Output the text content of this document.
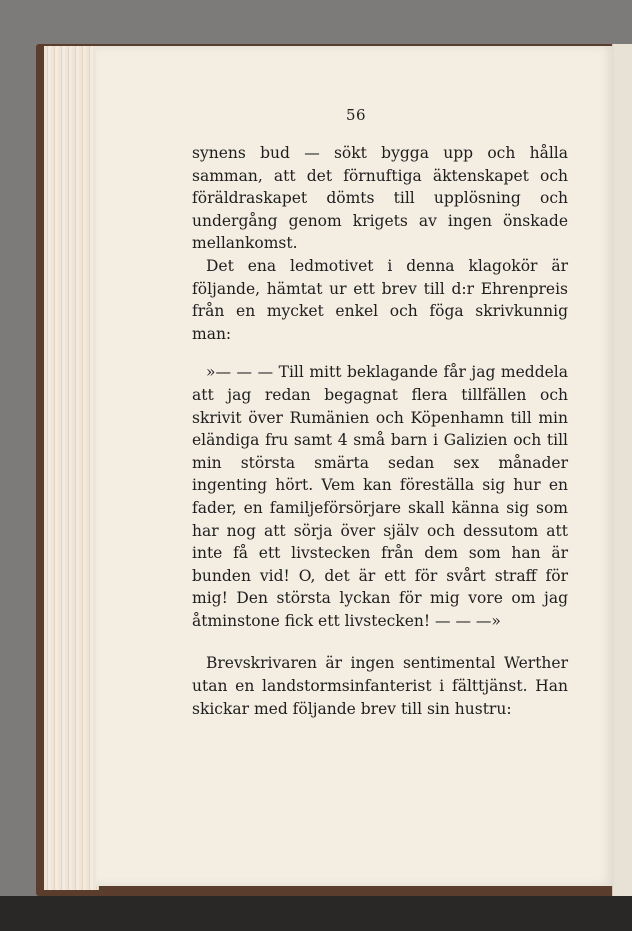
56

synens bud — sökt bygga upp och hålla samman, att det förnuftiga äktenskapet och föräldraskapet dömts till upplösning och undergång genom krigets av ingen önskade mellankomst.

Det ena ledmotivet i denna klagokör är följande, hämtat ur ett brev till d:r Ehrenpreis från en mycket enkel och föga skrivkunnig man:

»— — — Till mitt beklagande får jag meddela att jag redan begagnat flera tillfällen och skrivit över Rumänien och Köpenhamn till min eländiga fru samt 4 små barn i Galizien och till min största smärta sedan sex månader ingenting hört. Vem kan föreställa sig hur en fader, en familjeförsörjare skall känna sig som har nog att sörja över själv och dessutom att inte få ett livstecken från dem som han är bunden vid! O, det är ett för svårt straff för mig! Den största lyckan för mig vore om jag åtminstone fick ett livstecken! — — —»

Brevskrivaren är ingen sentimental Werther utan en landstormsinfanterist i fälttjänst. Han skickar med följande brev till sin hustru:
